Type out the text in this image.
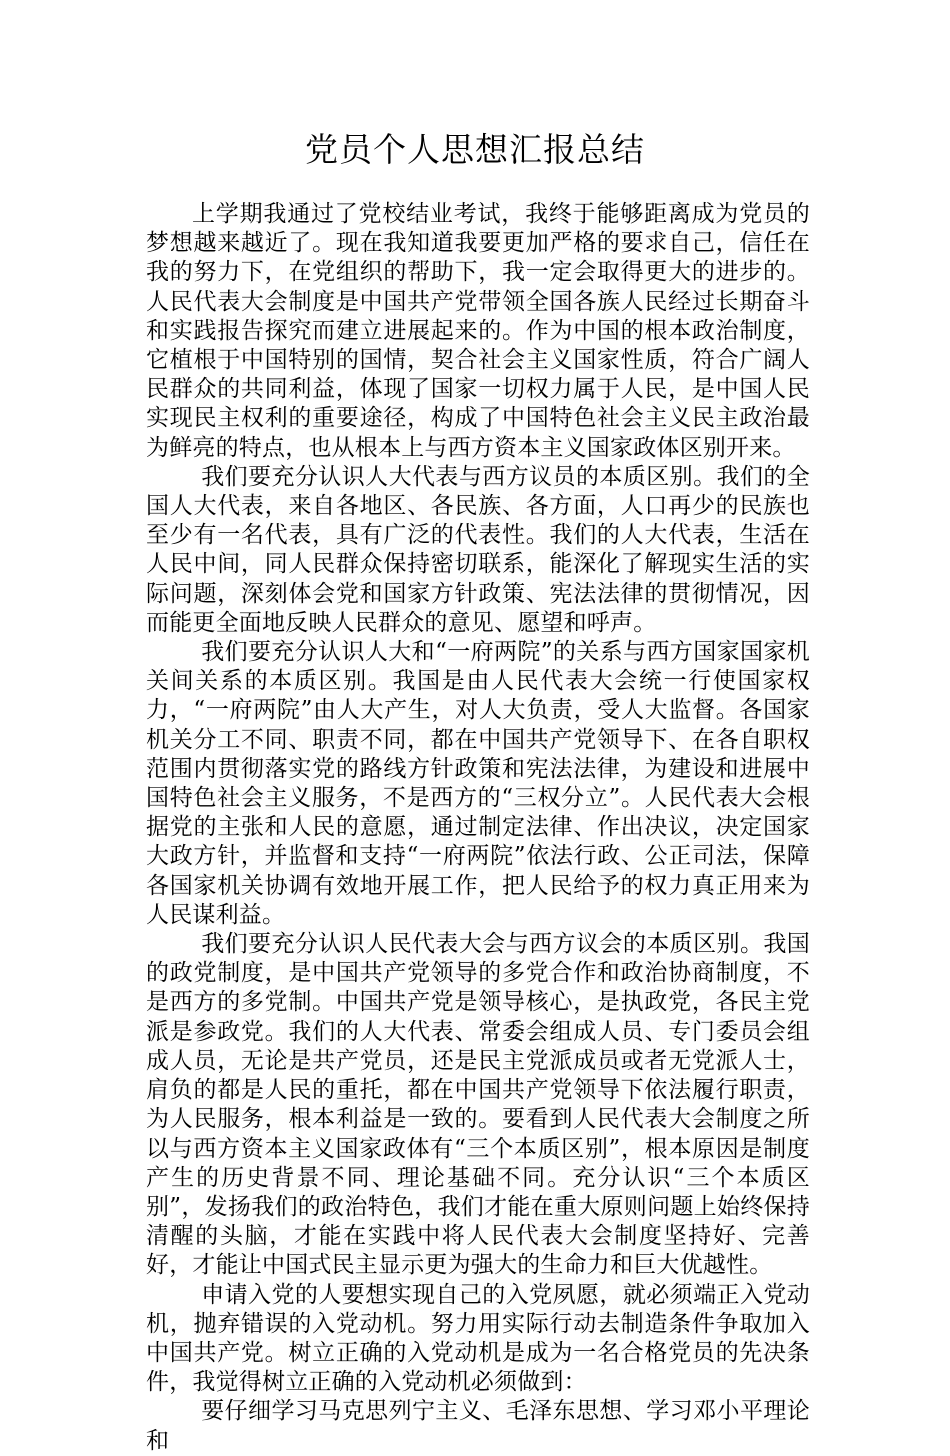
党员个人思想汇报总结

上学期我通过了党校结业考试，我终于能够距离成为党员的梦想越来越近了。现在我知道我要更加严格的要求自己，信任在我的努力下，在党组织的帮助下，我一定会取得更大的进步的。人民代表大会制度是中国共产党带领全国各族人民经过长期奋斗和实践报告探究而建立进展起来的。作为中国的根本政治制度，它植根于中国特别的国情，契合社会主义国家性质，符合广阔人民群众的共同利益，体现了国家一切权力属于人民，是中国人民实现民主权利的重要途径，构成了中国特色社会主义民主政治最为鲜亮的特点，也从根本上与西方资本主义国家政体区别开来。

我们要充分认识人大代表与西方议员的本质区别。我们的全国人大代表，来自各地区、各民族、各方面，人口再少的民族也至少有一名代表，具有广泛的代表性。我们的人大代表，生活在人民中间，同人民群众保持密切联系，能深化了解现实生活的实际问题，深刻体会党和国家方针政策、宪法法律的贯彻情况，因而能更全面地反映人民群众的意见、愿望和呼声。

我们要充分认识人大和“一府两院”的关系与西方国家国家机关间关系的本质区别。我国是由人民代表大会统一行使国家权力，“一府两院”由人大产生，对人大负责，受人大监督。各国家机关分工不同、职责不同，都在中国共产党领导下、在各自职权范围内贯彻落实党的路线方针政策和宪法法律，为建设和进展中国特色社会主义服务，不是西方的“三权分立”。人民代表大会根据党的主张和人民的意愿，通过制定法律、作出决议，决定国家大政方针，并监督和支持“一府两院”依法行政、公正司法，保障各国家机关协调有效地开展工作，把人民给予的权力真正用来为人民谋利益。

我们要充分认识人民代表大会与西方议会的本质区别。我国的政党制度，是中国共产党领导的多党合作和政治协商制度，不是西方的多党制。中国共产党是领导核心，是执政党，各民主党派是参政党。我们的人大代表、常委会组成人员、专门委员会组成人员，无论是共产党员，还是民主党派成员或者无党派人士，肩负的都是人民的重托，都在中国共产党领导下依法履行职责，为人民服务，根本利益是一致的。要看到人民代表大会制度之所以与西方资本主义国家政体有“三个本质区别”，根本原因是制度产生的历史背景不同、理论基础不同。充分认识“三个本质区别”，发扬我们的政治特色，我们才能在重大原则问题上始终保持清醒的头脑，才能在实践中将人民代表大会制度坚持好、完善好，才能让中国式民主显示更为强大的生命力和巨大优越性。

申请入党的人要想实现自己的入党夙愿，就必须端正入党动机，抛弃错误的入党动机。努力用实际行动去制造条件争取加入中国共产党。树立正确的入党动机是成为一名合格党员的先决条件，我觉得树立正确的入党动机必须做到：

要仔细学习马克思列宁主义、毛泽东思想、学习邓小平理论和
